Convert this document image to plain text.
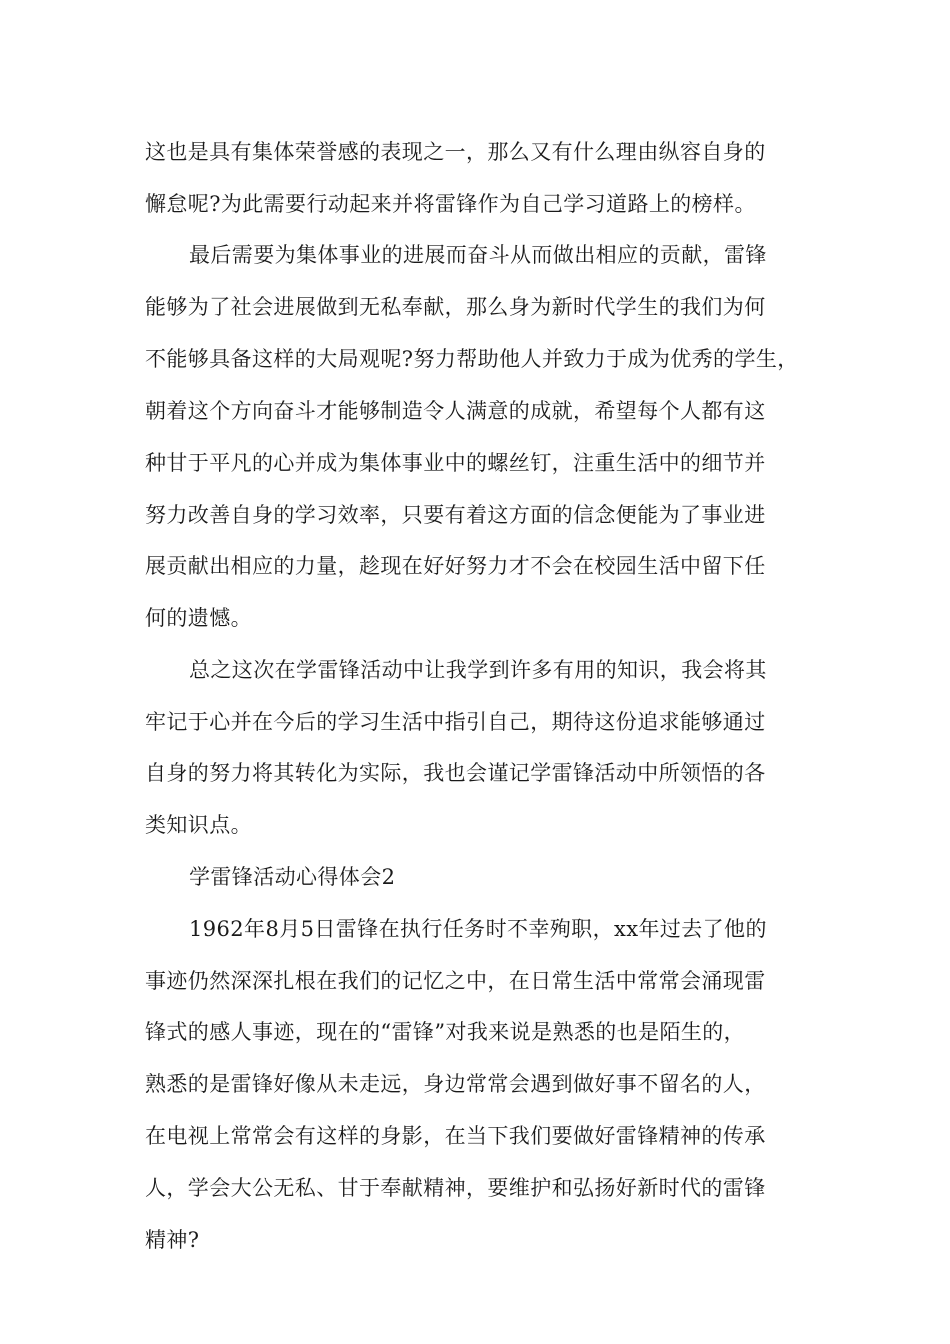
这也是具有集体荣誉感的表现之一，那么又有什么理由纵容自身的
懈怠呢?为此需要行动起来并将雷锋作为自己学习道路上的榜样。
最后需要为集体事业的进展而奋斗从而做出相应的贡献，雷锋
能够为了社会进展做到无私奉献，那么身为新时代学生的我们为何
不能够具备这样的大局观呢?努力帮助他人并致力于成为优秀的学生，
朝着这个方向奋斗才能够制造令人满意的成就，希望每个人都有这
种甘于平凡的心并成为集体事业中的螺丝钉，注重生活中的细节并
努力改善自身的学习效率，只要有着这方面的信念便能为了事业进
展贡献出相应的力量，趁现在好好努力才不会在校园生活中留下任
何的遗憾。
总之这次在学雷锋活动中让我学到许多有用的知识，我会将其
牢记于心并在今后的学习生活中指引自己，期待这份追求能够通过
自身的努力将其转化为实际，我也会谨记学雷锋活动中所领悟的各
类知识点。
学雷锋活动心得体会2
1962年8月5日雷锋在执行任务时不幸殉职，xx年过去了他的
事迹仍然深深扎根在我们的记忆之中，在日常生活中常常会涌现雷
锋式的感人事迹，现在的“雷锋”对我来说是熟悉的也是陌生的，
熟悉的是雷锋好像从未走远，身边常常会遇到做好事不留名的人，
在电视上常常会有这样的身影，在当下我们要做好雷锋精神的传承
人，学会大公无私、甘于奉献精神，要维护和弘扬好新时代的雷锋
精神?
